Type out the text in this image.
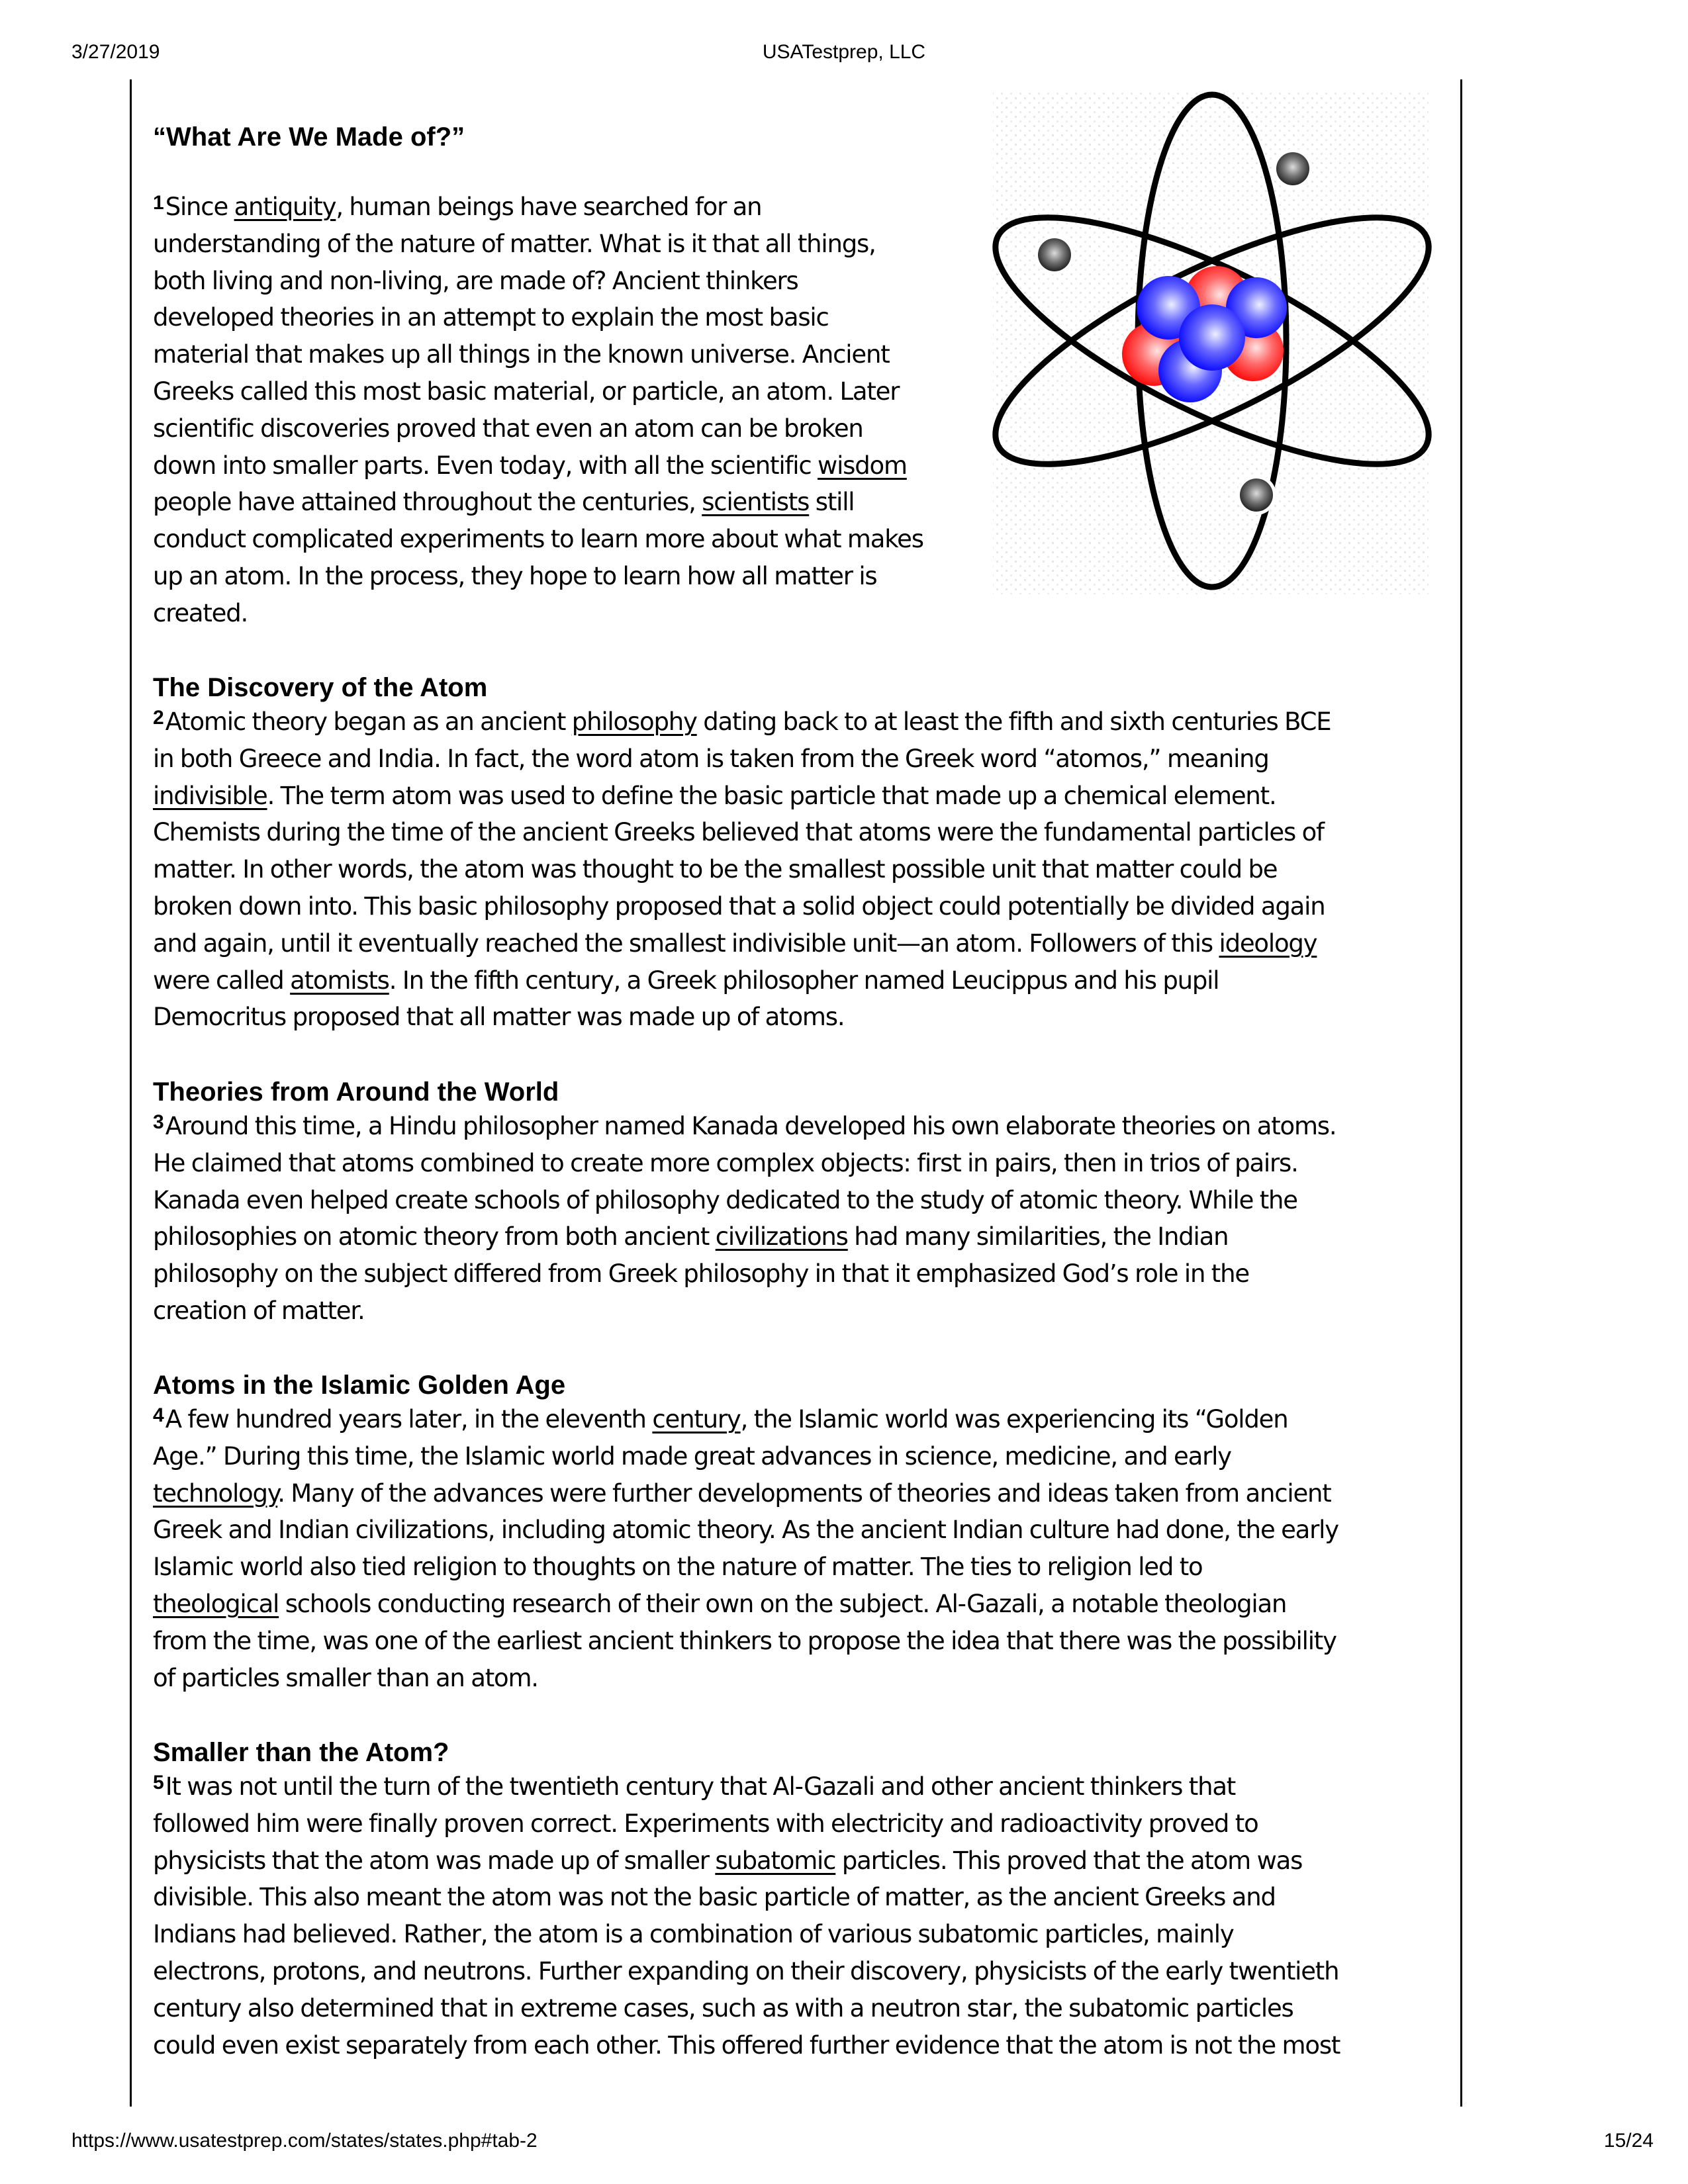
3/27/2019	USATestprep, LLC
“What Are We Made of?”
$^1$Since antiquity, human beings have searched for an
understanding of the nature of matter. What is it that all things,
both living and non-living, are made of? Ancient thinkers
developed theories in an attempt to explain the most basic
material that makes up all things in the known universe. Ancient
Greeks called this most basic material, or particle, an atom. Later
scientific discoveries proved that even an atom can be broken
down into smaller parts. Even today, with all the scientific wisdom
people have attained throughout the centuries, scientists still
conduct complicated experiments to learn more about what makes
up an atom. In the process, they hope to learn how all matter is
created.
The Discovery of the Atom
$^2$Atomic theory began as an ancient philosophy dating back to at least the fifth and sixth centuries BCE
in both Greece and India. In fact, the word atom is taken from the Greek word “atomos,” meaning
indivisible. The term atom was used to define the basic particle that made up a chemical element.
Chemists during the time of the ancient Greeks believed that atoms were the fundamental particles of
matter. In other words, the atom was thought to be the smallest possible unit that matter could be
broken down into. This basic philosophy proposed that a solid object could potentially be divided again
and again, until it eventually reached the smallest indivisible unit—an atom. Followers of this ideology
were called atomists. In the fifth century, a Greek philosopher named Leucippus and his pupil
Democritus proposed that all matter was made up of atoms.
Theories from Around the World
$^3$Around this time, a Hindu philosopher named Kanada developed his own elaborate theories on atoms.
He claimed that atoms combined to create more complex objects: first in pairs, then in trios of pairs.
Kanada even helped create schools of philosophy dedicated to the study of atomic theory. While the
philosophies on atomic theory from both ancient civilizations had many similarities, the Indian
philosophy on the subject differed from Greek philosophy in that it emphasized God’s role in the
creation of matter.
Atoms in the Islamic Golden Age
$^4$A few hundred years later, in the eleventh century, the Islamic world was experiencing its “Golden
Age.” During this time, the Islamic world made great advances in science, medicine, and early
technology. Many of the advances were further developments of theories and ideas taken from ancient
Greek and Indian civilizations, including atomic theory. As the ancient Indian culture had done, the early
Islamic world also tied religion to thoughts on the nature of matter. The ties to religion led to
theological schools conducting research of their own on the subject. Al-Gazali, a notable theologian
from the time, was one of the earliest ancient thinkers to propose the idea that there was the possibility
of particles smaller than an atom.
Smaller than the Atom?
$^5$It was not until the turn of the twentieth century that Al-Gazali and other ancient thinkers that
followed him were finally proven correct. Experiments with electricity and radioactivity proved to
physicists that the atom was made up of smaller subatomic particles. This proved that the atom was
divisible. This also meant the atom was not the basic particle of matter, as the ancient Greeks and
Indians had believed. Rather, the atom is a combination of various subatomic particles, mainly
electrons, protons, and neutrons. Further expanding on their discovery, physicists of the early twentieth
century also determined that in extreme cases, such as with a neutron star, the subatomic particles
could even exist separately from each other. This offered further evidence that the atom is not the most
https://www.usatestprep.com/states/states.php#tab-2	15/24
